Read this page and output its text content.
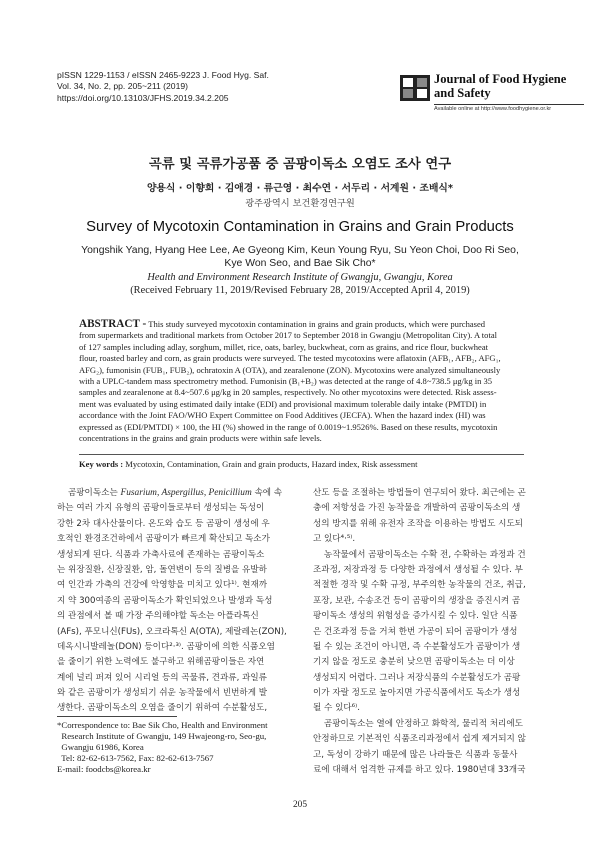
pISSN 1229-1153 / eISSN 2465-9223 J. Food Hyg. Saf.
Vol. 34, No. 2, pp. 205~211 (2019)
https://doi.org/10.13103/JFHS.2019.34.2.205
Journal of Food Hygiene
and Safety
Available online at http://www.foodhygiene.or.kr
곡류 및 곡류가공품 중 곰팡이독소 오염도 조사 연구
양용식 · 이향희 · 김애경 · 류근영 · 최수연 · 서두리 · 서계원 · 조배식*
광주광역시 보건환경연구원
Survey of Mycotoxin Contamination in Grains and Grain Products
Yongshik Yang, Hyang Hee Lee, Ae Gyeong Kim, Keun Young Ryu, Su Yeon Choi, Doo Ri Seo,
Kye Won Seo, and Bae Sik Cho*
Health and Environment Research Institute of Gwangju, Gwangju, Korea
(Received February 11, 2019/Revised February 28, 2019/Accepted April 4, 2019)
ABSTRACT - This study surveyed mycotoxin contamination in grains and grain products, which were purchased
from supermarkets and traditional markets from October 2017 to September 2018 in Gwangju (Metropolitan City). A total
of 127 samples including adlay, sorghum, millet, rice, oats, barley, buckwheat, corn as grains, and rice flour, buckwheat
flour, roasted barley and corn, as grain products were surveyed. The tested mycotoxins were aflatoxin (AFB₁, AFB₂, AFG₁,
AFG₂), fumonisin (FUB₁, FUB₂), ochratoxin A (OTA), and zearalenone (ZON). Mycotoxins were analyzed simultaneously
with a UPLC-tandem mass spectrometry method. Fumonisin (B₁+B₂) was detected at the range of 4.8~738.5 μg/kg in 35
samples and zearalenone at 8.4~507.6 μg/kg in 20 samples, respectively. No other mycotoxins were detected. Risk assess-
ment was evaluated by using estimated daily intake (EDI) and provisional maximum tolerable daily intake (PMTDI) in
accordance with the Joint FAO/WHO Expert Committee on Food Additives (JECFA). When the hazard index (HI) was
expressed as (EDI/PMTDI) × 100, the HI (%) showed in the range of 0.0019~1.9526%. Based on these results, mycotoxin
concentrations in the grains and grain products were within safe levels.
Key words : Mycotoxin, Contamination, Grain and grain products, Hazard index, Risk assessment
곰팡이독소는 Fusarium, Aspergillus, Penicillium 속에 속
하는 여러 가지 유형의 곰팡이들로부터 생성되는 독성이
강한 2차 대사산물이다. 온도와 습도 등 곰팡이 생성에 우
호적인 환경조건하에서 곰팡이가 빠르게 확산되고 독소가
생성되게 된다. 식품과 가축사료에 존재하는 곰팡이독소
는 위장질환, 신장질환, 암, 돌연변이 등의 질병을 유발하
여 인간과 가축의 건강에 악영향을 미치고 있다¹⁾. 현재까
지 약 300여종의 곰팡이독소가 확인되었으나 발생과 독성
의 관점에서 볼 때 가장 주의해야할 독소는 아플라톡신
(AFs), 푸모니신(FUs), 오크라톡신 A(OTA), 제랄레논(ZON),
데옥시니발레놀(DON) 등이다²·³⁾. 곰팡이에 의한 식품오염
을 줄이기 위한 노력에도 불구하고 위해곰팡이들은 자연
계에 널리 퍼져 있어 시리얼 등의 곡물류, 견과류, 과일류
와 같은 곰팡이가 생성되기 쉬운 농작물에서 빈번하게 발
생한다. 곰팡이독소의 오염을 줄이기 위하여 수분활성도,
*Correspondence to: Bae Sik Cho, Health and Environment
Research Institute of Gwangju, 149 Hwajeong-ro, Seo-gu,
Gwangju 61986, Korea
Tel: 82-62-613-7562, Fax: 82-62-613-7567
E-mail: foodcbs@korea.kr
산도 등을 조절하는 방법들이 연구되어 왔다. 최근에는 곤
충에 저항성을 가진 농작물을 개발하여 곰팡이독소의 생
성의 방지를 위해 유전자 조작을 이용하는 방법도 시도되
고 있다⁴·⁵⁾.
농작물에서 곰팡이독소는 수확 전, 수확하는 과정과 건
조과정, 저장과정 등 다양한 과정에서 생성될 수 있다. 부
적절한 경작 및 수확 규정, 부주의한 농작물의 건조, 취급,
포장, 보관, 수송조건 등이 곰팡이의 생장을 증진시켜 곰
팡이독소 생성의 위험성을 증가시킬 수 있다. 일단 식품
은 건조과정 등을 거쳐 한번 가공이 되어 곰팡이가 생성
될 수 있는 조건이 아니면, 즉 수분활성도가 곰팡이가 생
기지 않을 정도로 충분히 낮으면 곰팡이독소는 더 이상
생성되지 어렵다. 그러나 저장식품의 수분활성도가 곰팡
이가 자랄 정도로 높아지면 가공식품에서도 독소가 생성
될 수 있다⁶⁾.
곰팡이독소는 열에 안정하고 화학적, 물리적 처리에도
안정하므로 기본적인 식품조리과정에서 쉽게 제거되지 않
고, 독성이 강하기 때문에 많은 나라들은 식품과 동물사
료에 대해서 엄격한 규제를 하고 있다. 1980년대 33개국
205
